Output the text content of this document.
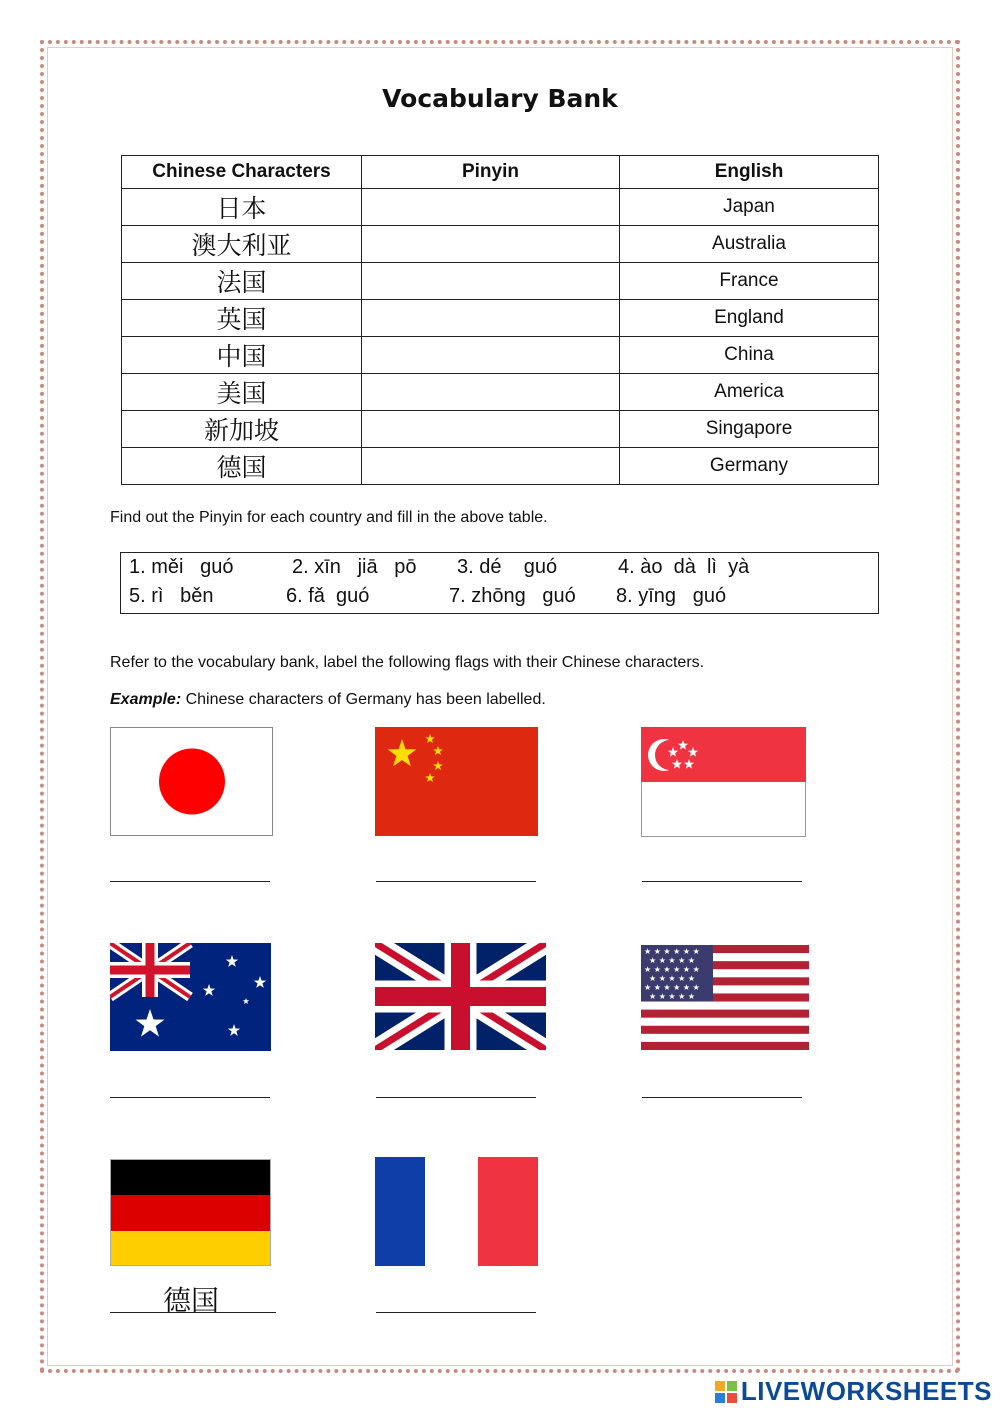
Vocabulary Bank
Chinese Characters	Pinyin	English
日本		Japan
澳大利亚		Australia
法国		France
英国		England
中国		China
美国		America
新加坡		Singapore
德国		Germany
Find out the Pinyin for each country and fill in the above table.
1. měi   guó	2. xīn   jiā   pō 3. dé    guó	4. ào  dà  lì  yà
5. rì   běn	6. fǎ  guó	7. zhōng   guó 8. yīng   guó
Refer to the vocabulary bank, label the following flags with their Chinese characters.
Example: Chinese characters of Germany has been labelled.
★ ★ ★ ★ ★ ★
★ ★ ★ ★ ★
★ ★ ★ ★ ★ ★
★ ★ ★ ★ ★
★ ★ ★ ★ ★ ★
★ ★ ★ ★ ★
德国
LIVEWORKSHEETS
